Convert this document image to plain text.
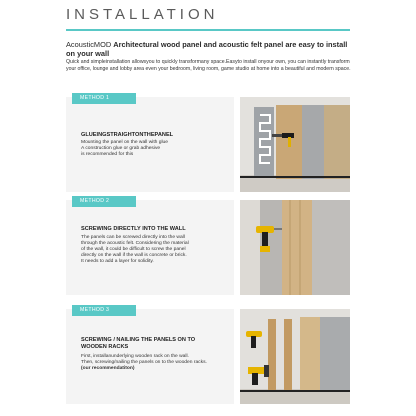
INSTALLATION
AcousticMOD Architectural wood panel and acoustic felt panel are easy to install on your wall
Quick and simpleinstallation allowsyou to quickly transformany space.Easyto install onyour own, you can instantly transform your office, lounge and lobby area even your bedroom, living room, game studio at home into a beautiful and modern space.
METHOD 1
GLUEINGSTRAIGHTONTHEPANEL
Mounting the panel on the wall with glue
A construction glue or grab adhesive
is recommended for this
METHOD 2
SCREWING DIRECTLY INTO THE WALL
The panels can be screwed directly into the wall
through the acoustic felt. Considering the material
of the wall, it could be difficult to screw the panel
directly on the wall if the wall is concrete or brick.
It needs to add a layer for solidity.
METHOD 3
SCREWING / NAILING THE PANELS ON TO WOODEN RACKS
First, installanunderlying wooden rack on the wall.
Then, screwing/nailing the panels on to the wooden racks.
(our recommendatiton)
